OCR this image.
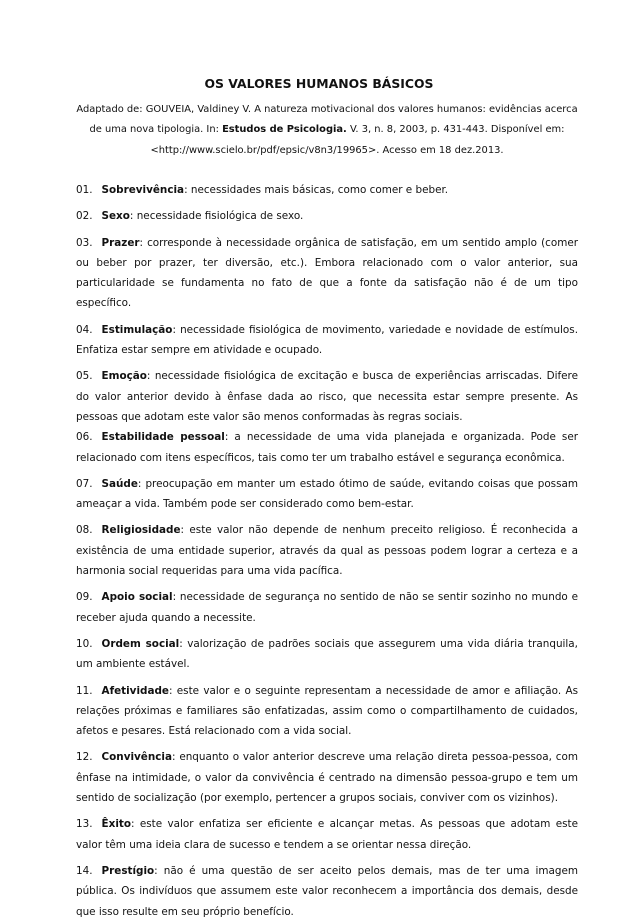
OS VALORES HUMANOS BÁSICOS
Adaptado de: GOUVEIA, Valdiney V. A natureza motivacional dos valores humanos: evidências acerca de uma nova tipologia. In: Estudos de Psicologia. V. 3, n. 8, 2003, p. 431-443. Disponível em: <http://www.scielo.br/pdf/epsic/v8n3/19965>. Acesso em 18 dez.2013.
01. Sobrevivência: necessidades mais básicas, como comer e beber.
02. Sexo: necessidade fisiológica de sexo.
03. Prazer: corresponde à necessidade orgânica de satisfação, em um sentido amplo (comer ou beber por prazer, ter diversão, etc.). Embora relacionado com o valor anterior, sua particularidade se fundamenta no fato de que a fonte da satisfação não é de um tipo específico.
04. Estimulação: necessidade fisiológica de movimento, variedade e novidade de estímulos. Enfatiza estar sempre em atividade e ocupado.
05. Emoção: necessidade fisiológica de excitação e busca de experiências arriscadas. Difere do valor anterior devido à ênfase dada ao risco, que necessita estar sempre presente. As pessoas que adotam este valor são menos conformadas às regras sociais.
06. Estabilidade pessoal: a necessidade de uma vida planejada e organizada. Pode ser relacionado com itens específicos, tais como ter um trabalho estável e segurança econômica.
07. Saúde: preocupação em manter um estado ótimo de saúde, evitando coisas que possam ameaçar a vida. Também pode ser considerado como bem-estar.
08. Religiosidade: este valor não depende de nenhum preceito religioso. É reconhecida a existência de uma entidade superior, através da qual as pessoas podem lograr a certeza e a harmonia social requeridas para uma vida pacífica.
09. Apoio social: necessidade de segurança no sentido de não se sentir sozinho no mundo e receber ajuda quando a necessite.
10. Ordem social: valorização de padrões sociais que assegurem uma vida diária tranquila, um ambiente estável.
11. Afetividade: este valor e o seguinte representam a necessidade de amor e afiliação. As relações próximas e familiares são enfatizadas, assim como o compartilhamento de cuidados, afetos e pesares. Está relacionado com a vida social.
12. Convivência: enquanto o valor anterior descreve uma relação direta pessoa-pessoa, com ênfase na intimidade, o valor da convivência é centrado na dimensão pessoa-grupo e tem um sentido de socialização (por exemplo, pertencer a grupos sociais, conviver com os vizinhos).
13. Êxito: este valor enfatiza ser eficiente e alcançar metas. As pessoas que adotam este valor têm uma ideia clara de sucesso e tendem a se orientar nessa direção.
14. Prestígio: não é uma questão de ser aceito pelos demais, mas de ter uma imagem pública. Os indivíduos que assumem este valor reconhecem a importância dos demais, desde que isso resulte em seu próprio benefício.
